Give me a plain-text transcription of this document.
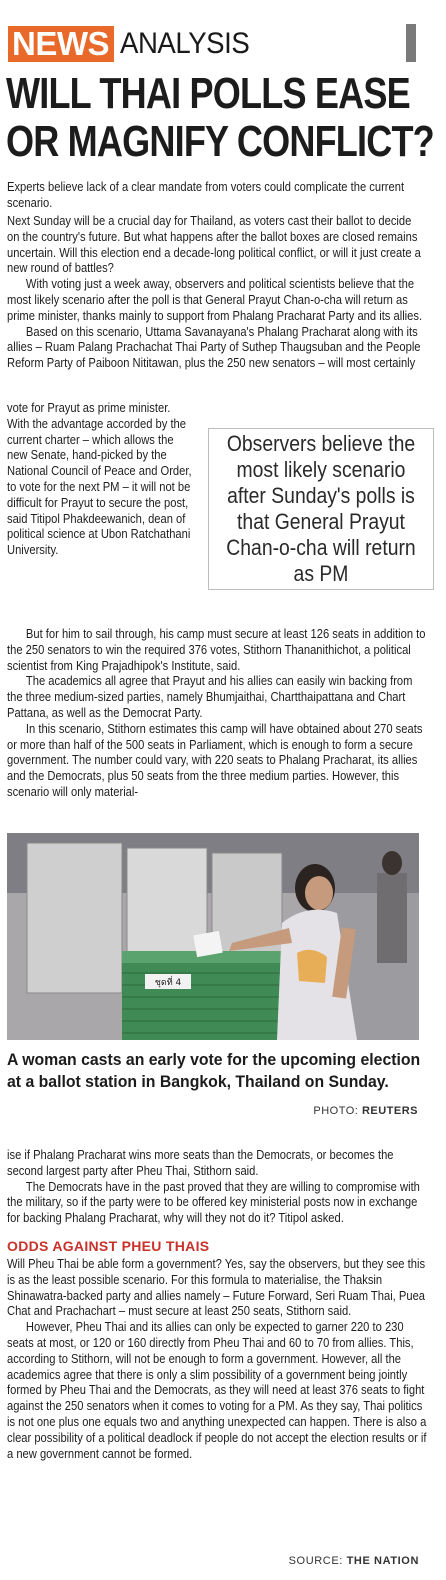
NEWS ANALYSIS
WILL THAI POLLS EASE
OR MAGNIFY CONFLICT?

Experts believe lack of a clear mandate from voters could complicate the current scenario.

Next Sunday will be a crucial day for Thailand, as voters cast their ballot to decide on the country's future. But what happens after the ballot boxes are closed remains uncertain. Will this election end a decade-long political conflict, or will it just create a new round of battles?

With voting just a week away, observers and political scientists believe that the most likely scenario after the poll is that General Prayut Chan-o-cha will return as prime minister, thanks mainly to support from Phalang Pracharat Party and its allies.

Based on this scenario, Uttama Savanayana's Phalang Pracharat along with its allies – Ruam Palang Prachachat Thai Party of Suthep Thaugsuban and the People Reform Party of Paiboon Nititawan, plus the 250 new senators – will most certainly

vote for Prayut as prime minister. With the advantage accorded by the current charter – which allows the new Senate, hand-picked by the National Council of Peace and Order, to vote for the next PM – it will not be difficult for Prayut to secure the post, said Titipol Phakdeewanich, dean of political science at Ubon Ratchathani University.

Observers believe the most likely scenario after Sunday's polls is that General Prayut Chan-o-cha will return as PM

But for him to sail through, his camp must secure at least 126 seats in addition to the 250 senators to win the required 376 votes, Stithorn Thananithichot, a political scientist from King Prajadhipok's Institute, said.

The academics all agree that Prayut and his allies can easily win backing from the three medium-sized parties, namely Bhumjaithai, Chartthaipattana and Chart Pattana, as well as the Democrat Party.

In this scenario, Stithorn estimates this camp will have obtained about 270 seats or more than half of the 500 seats in Parliament, which is enough to form a secure government. The number could vary, with 220 seats to Phalang Pracharat, its allies and the Democrats, plus 50 seats from the three medium parties. However, this scenario will only material-

ชุดที่ 4
A woman casts an early vote for the upcoming election at a ballot station in Bangkok, Thailand on Sunday.
PHOTO: REUTERS

ise if Phalang Pracharat wins more seats than the Democrats, or becomes the second largest party after Pheu Thai, Stithorn said.

The Democrats have in the past proved that they are willing to compromise with the military, so if the party were to be offered key ministerial posts now in exchange for backing Phalang Pracharat, why will they not do it? Titipol asked.

ODDS AGAINST PHEU THAIS

Will Pheu Thai be able form a government? Yes, say the observers, but they see this is as the least possible scenario. For this formula to materialise, the Thaksin Shinawatra-backed party and allies namely – Future Forward, Seri Ruam Thai, Puea Chat and Prachachart – must secure at least 250 seats, Stithorn said.

However, Pheu Thai and its allies can only be expected to garner 220 to 230 seats at most, or 120 or 160 directly from Pheu Thai and 60 to 70 from allies. This, according to Stithorn, will not be enough to form a government. However, all the academics agree that there is only a slim possibility of a government being jointly formed by Pheu Thai and the Democrats, as they will need at least 376 seats to fight against the 250 senators when it comes to voting for a PM. As they say, Thai politics is not one plus one equals two and anything unexpected can happen. There is also a clear possibility of a political deadlock if people do not accept the election results or if a new government cannot be formed.

SOURCE: THE NATION
